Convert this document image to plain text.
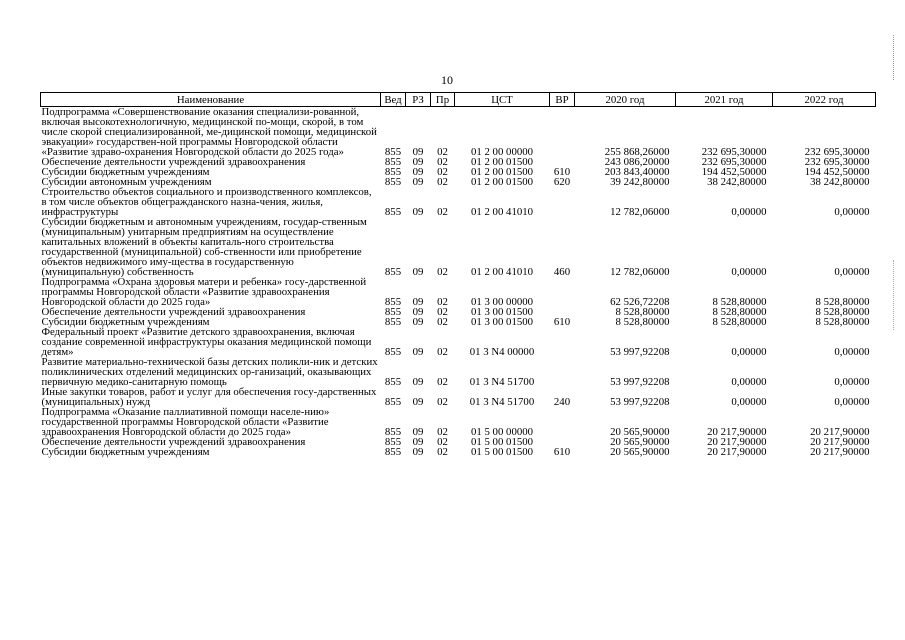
10
Наименование	Вед	РЗ	Пр	ЦСТ	ВР	2020 год	2021 год	2022 год
Подпрограмма «Совершенствование оказания специализи-рованной, включая высокотехнологичную, медицинской по-мощи, скорой, в том числе скорой специализированной, ме-дицинской помощи, медицинской эвакуации» государствен-ной программы Новгородской области «Развитие здраво-охранения Новгородской области до 2025 года»	855	09	02	01 2 00 00000		255 868,26000	232 695,30000	232 695,30000
Обеспечение деятельности учреждений здравоохранения	855	09	02	01 2 00 01500		243 086,20000	232 695,30000	232 695,30000
Субсидии бюджетным учреждениям	855	09	02	01 2 00 01500	610	203 843,40000	194 452,50000	194 452,50000
Субсидии автономным учреждениям	855	09	02	01 2 00 01500	620	39 242,80000	38 242,80000	38 242,80000
Строительство объектов социального и производственного комплексов, в том числе объектов общегражданского назна-чения, жилья, инфраструктуры	855	09	02	01 2 00 41010		12 782,06000	0,00000	0,00000
Субсидии бюджетным и автономным учреждениям, государ-ственным (муниципальным) унитарным предприятиям на осуществление капитальных вложений в объекты капиталь-ного строительства государственной (муниципальной) соб-ственности или приобретение объектов недвижимого иму-щества в государственную (муниципальную) собственность	855	09	02	01 2 00 41010	460	12 782,06000	0,00000	0,00000
Подпрограмма «Охрана здоровья матери и ребенка» госу-дарственной программы Новгородской области «Развитие здравоохранения Новгородской области до 2025 года»	855	09	02	01 3 00 00000		62 526,72208	8 528,80000	8 528,80000
Обеспечение деятельности учреждений здравоохранения	855	09	02	01 3 00 01500		8 528,80000	8 528,80000	8 528,80000
Субсидии бюджетным учреждениям	855	09	02	01 3 00 01500	610	8 528,80000	8 528,80000	8 528,80000
Федеральный проект «Развитие детского здравоохранения, включая создание современной инфраструктуры оказания медицинской помощи детям»	855	09	02	01 3 N4 00000		53 997,92208	0,00000	0,00000
Развитие материально-технической базы детских поликли-ник и детских поликлинических отделений медицинских ор-ганизаций, оказывающих первичную медико-санитарную помощь	855	09	02	01 3 N4 51700		53 997,92208	0,00000	0,00000
Иные закупки товаров, работ и услуг для обеспечения госу-дарственных (муниципальных) нужд	855	09	02	01 3 N4 51700	240	53 997,92208	0,00000	0,00000
Подпрограмма «Оказание паллиативной помощи населе-нию» государственной программы Новгородской области «Развитие здравоохранения Новгородской области до 2025 года»	855	09	02	01 5 00 00000		20 565,90000	20 217,90000	20 217,90000
Обеспечение деятельности учреждений здравоохранения	855	09	02	01 5 00 01500		20 565,90000	20 217,90000	20 217,90000
Субсидии бюджетным учреждениям	855	09	02	01 5 00 01500	610	20 565,90000	20 217,90000	20 217,90000
